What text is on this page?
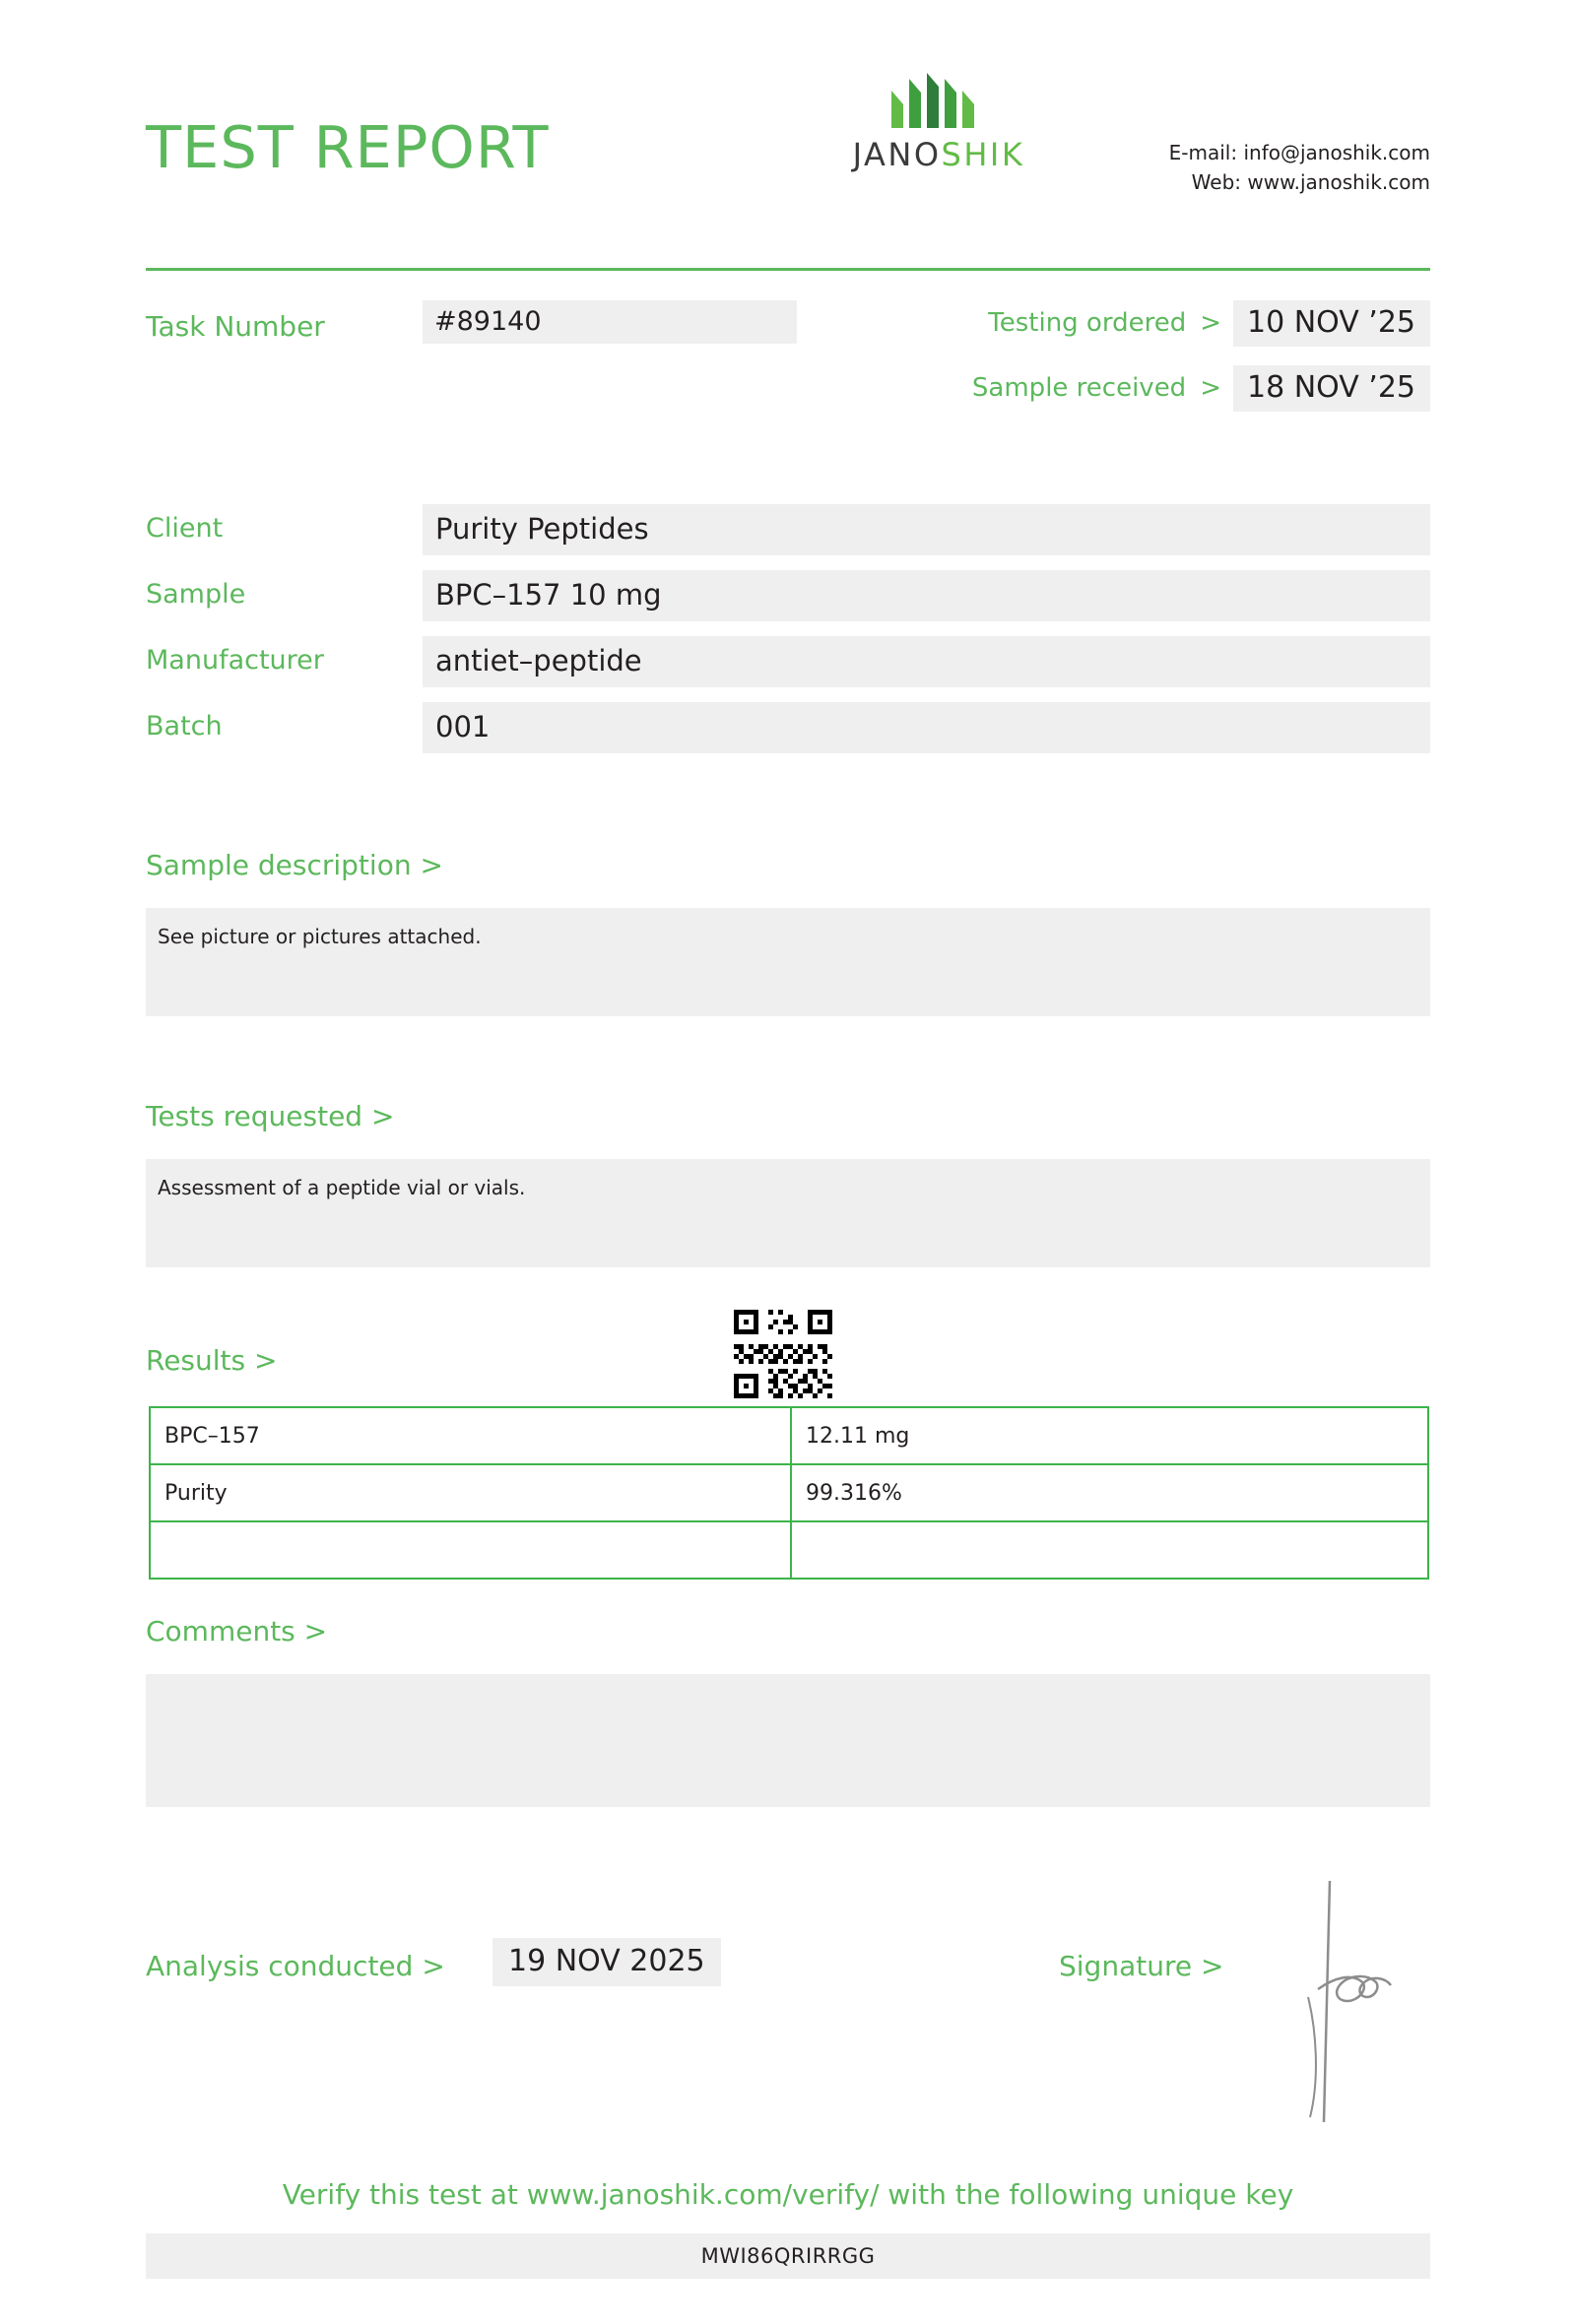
TEST REPORT	JANOSHIK	E-mail: info@janoshik.com
Web: www.janoshik.com
Task Number	#89140	Testing ordered > 10 NOV ’25
Sample received > 18 NOV ’25
Client	Purity Peptides
Sample	BPC–157 10 mg
Manufacturer	antiet–peptide
Batch	001
Sample description >
See picture or pictures attached.
Tests requested >
Assessment of a peptide vial or vials.
Results >
BPC–157	12.11 mg
Purity	99.316%

Comments >
Analysis conducted >	19 NOV 2025	Signature >
Verify this test at www.janoshik.com/verify/ with the following unique key
MWI86QRIRRGG
